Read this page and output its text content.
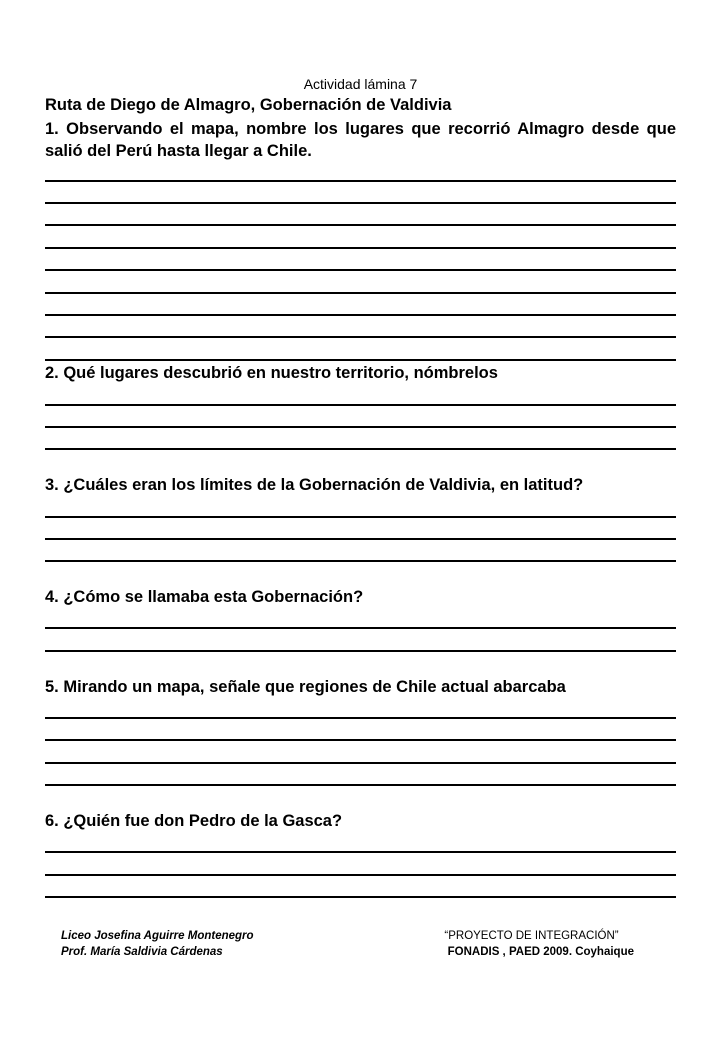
Actividad lámina 7
Ruta de Diego de Almagro, Gobernación de Valdivia
1. Observando el mapa, nombre los lugares que recorrió Almagro desde que salió del Perú hasta llegar a Chile.
2. Qué lugares descubrió en nuestro territorio, nómbrelos
3. ¿Cuáles eran los límites de la Gobernación de Valdivia, en latitud?
4. ¿Cómo se llamaba esta Gobernación?
5. Mirando un mapa, señale que regiones de Chile actual abarcaba
6. ¿Quién fue don Pedro de la Gasca?
Liceo Josefina Aguirre Montenegro
Prof. María Saldivia Cárdenas
“PROYECTO DE INTEGRACIÓN”
FONADIS , PAED 2009. Coyhaique
